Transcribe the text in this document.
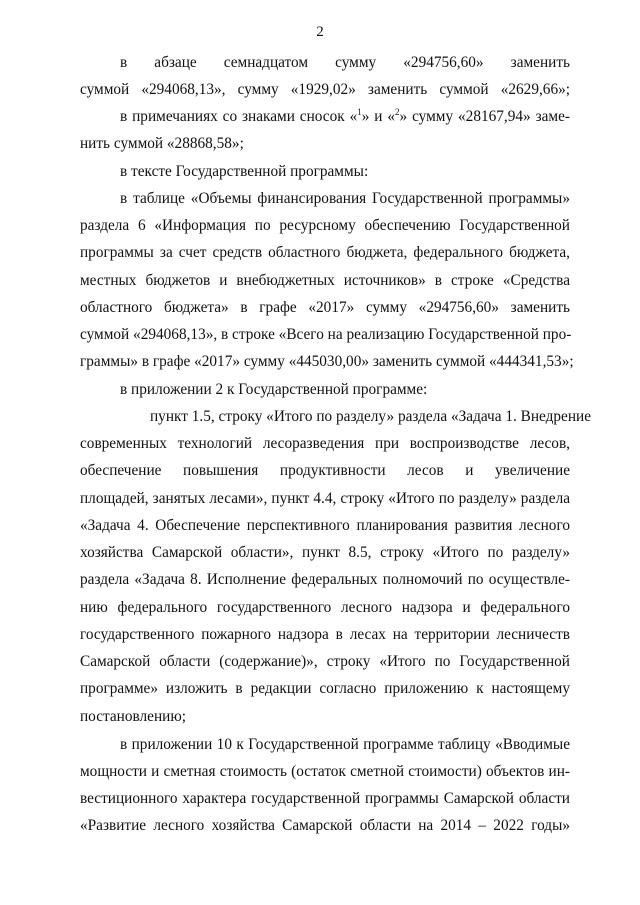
2
в абзаце семнадцатом сумму «294756,60» заменить
суммой «294068,13», сумму «1929,02» заменить суммой «2629,66»;
в примечаниях со знаками сносок «$^1$» и «$^2$» сумму «28167,94» заме-
нить суммой «28868,58»;
в тексте Государственной программы:
в таблице «Объемы финансирования Государственной программы»
раздела 6 «Информация по ресурсному обеспечению Государственной
программы за счет средств областного бюджета, федерального бюджета,
местных бюджетов и внебюджетных источников» в строке «Средства
областного бюджета» в графе «2017» сумму «294756,60» заменить
суммой «294068,13», в строке «Всего на реализацию Государственной про-
граммы» в графе «2017» сумму «445030,00» заменить суммой «444341,53»;
в приложении 2 к Государственной программе:
пункт 1.5, строку «Итого по разделу» раздела «Задача 1. Внедрение
современных технологий лесоразведения при воспроизводстве лесов,
обеспечение повышения продуктивности лесов и увеличение
площадей, занятых лесами», пункт 4.4, строку «Итого по разделу» раздела
«Задача 4. Обеспечение перспективного планирования развития лесного
хозяйства Самарской области», пункт 8.5, строку «Итого по разделу»
раздела «Задача 8. Исполнение федеральных полномочий по осуществле-
нию федерального государственного лесного надзора и федерального
государственного пожарного надзора в лесах на территории лесничеств
Самарской области (содержание)», строку «Итого по Государственной
программе» изложить в редакции согласно приложению к настоящему
постановлению;
в приложении 10 к Государственной программе таблицу «Вводимые
мощности и сметная стоимость (остаток сметной стоимости) объектов ин-
вестиционного характера государственной программы Самарской области
«Развитие лесного хозяйства Самарской области на 2014 – 2022 годы»
